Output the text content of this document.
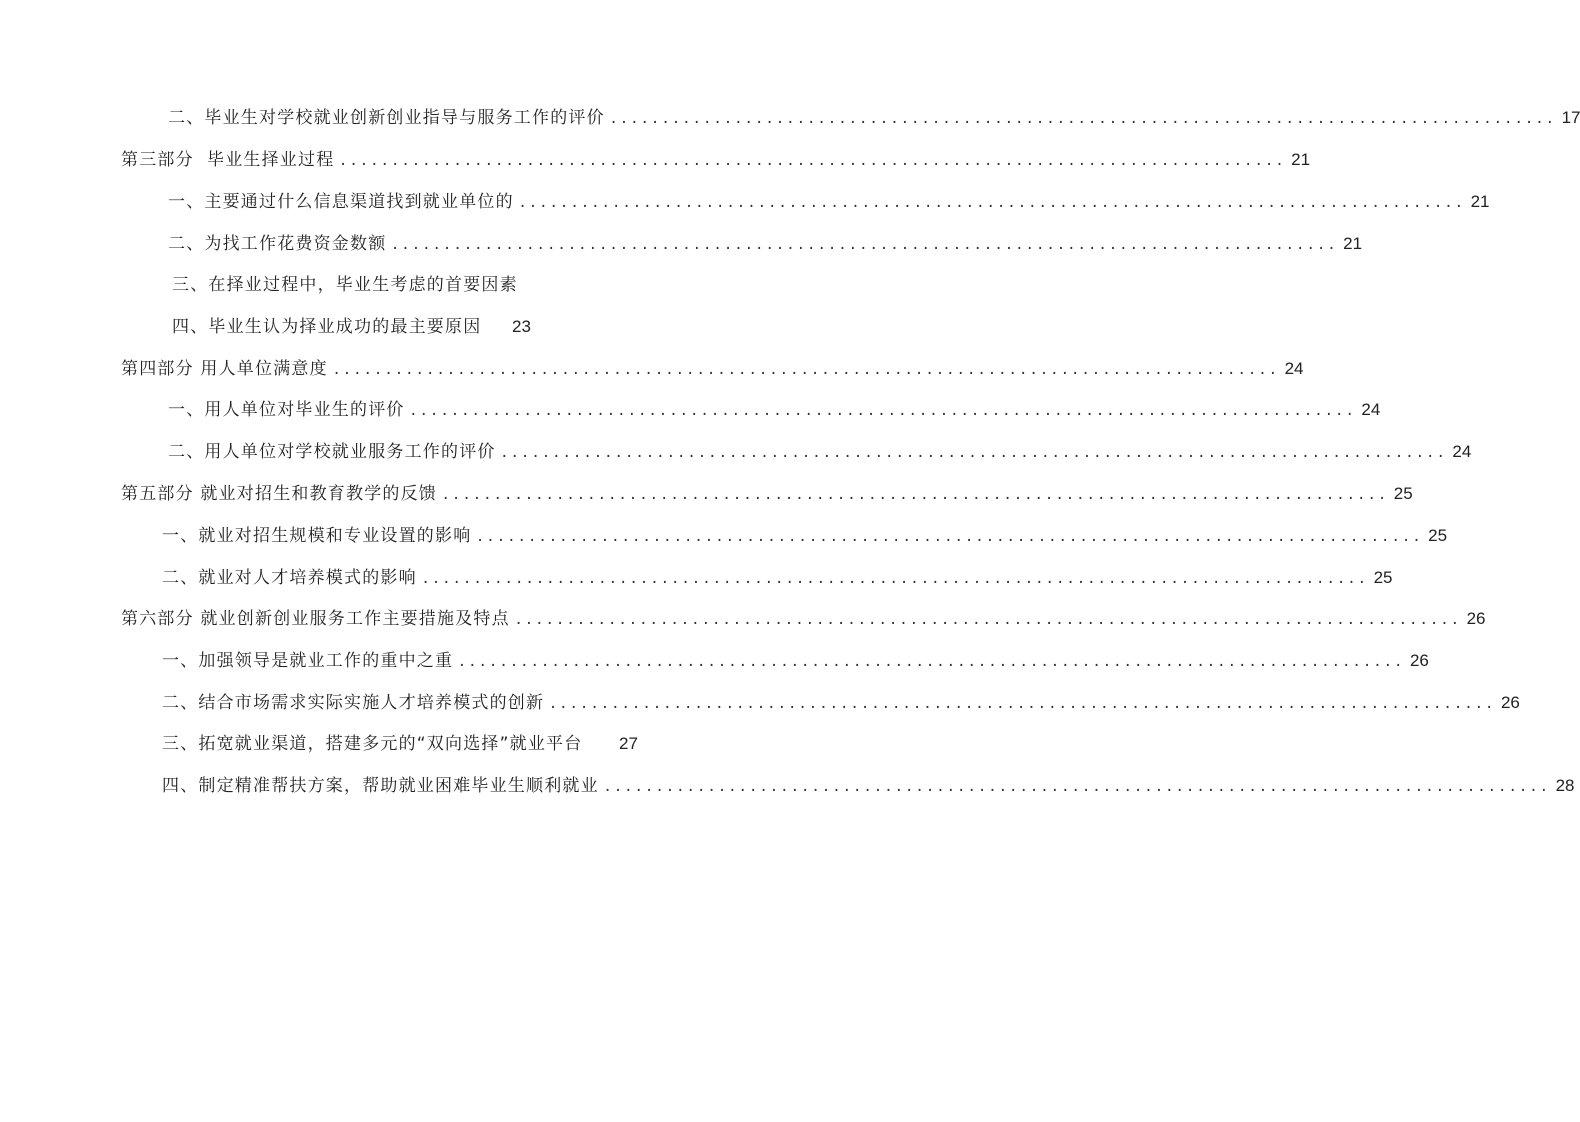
二、毕业生对学校就业创新创业指导与服务工作的评价 ........................................................................................... 17
第三部分  毕业生择业过程 ........................................................................................... 21
一、主要通过什么信息渠道找到就业单位的 ........................................................................................... 21
二、为找工作花费资金数额 ........................................................................................... 21
三、在择业过程中，毕业生考虑的首要因素
四、毕业生认为择业成功的最主要原因 23
第四部分 用人单位满意度 ........................................................................................... 24
一、用人单位对毕业生的评价 ........................................................................................... 24
二、用人单位对学校就业服务工作的评价 ........................................................................................... 24
第五部分 就业对招生和教育教学的反馈 ........................................................................................... 25
一、就业对招生规模和专业设置的影响 ........................................................................................... 25
二、就业对人才培养模式的影响 ........................................................................................... 25
第六部分 就业创新创业服务工作主要措施及特点 ........................................................................................... 26
一、加强领导是就业工作的重中之重 ........................................................................................... 26
二、结合市场需求实际实施人才培养模式的创新 ........................................................................................... 26
三、拓宽就业渠道，搭建多元的“双向选择”就业平台 27
四、制定精准帮扶方案，帮助就业困难毕业生顺利就业 ........................................................................................... 28
